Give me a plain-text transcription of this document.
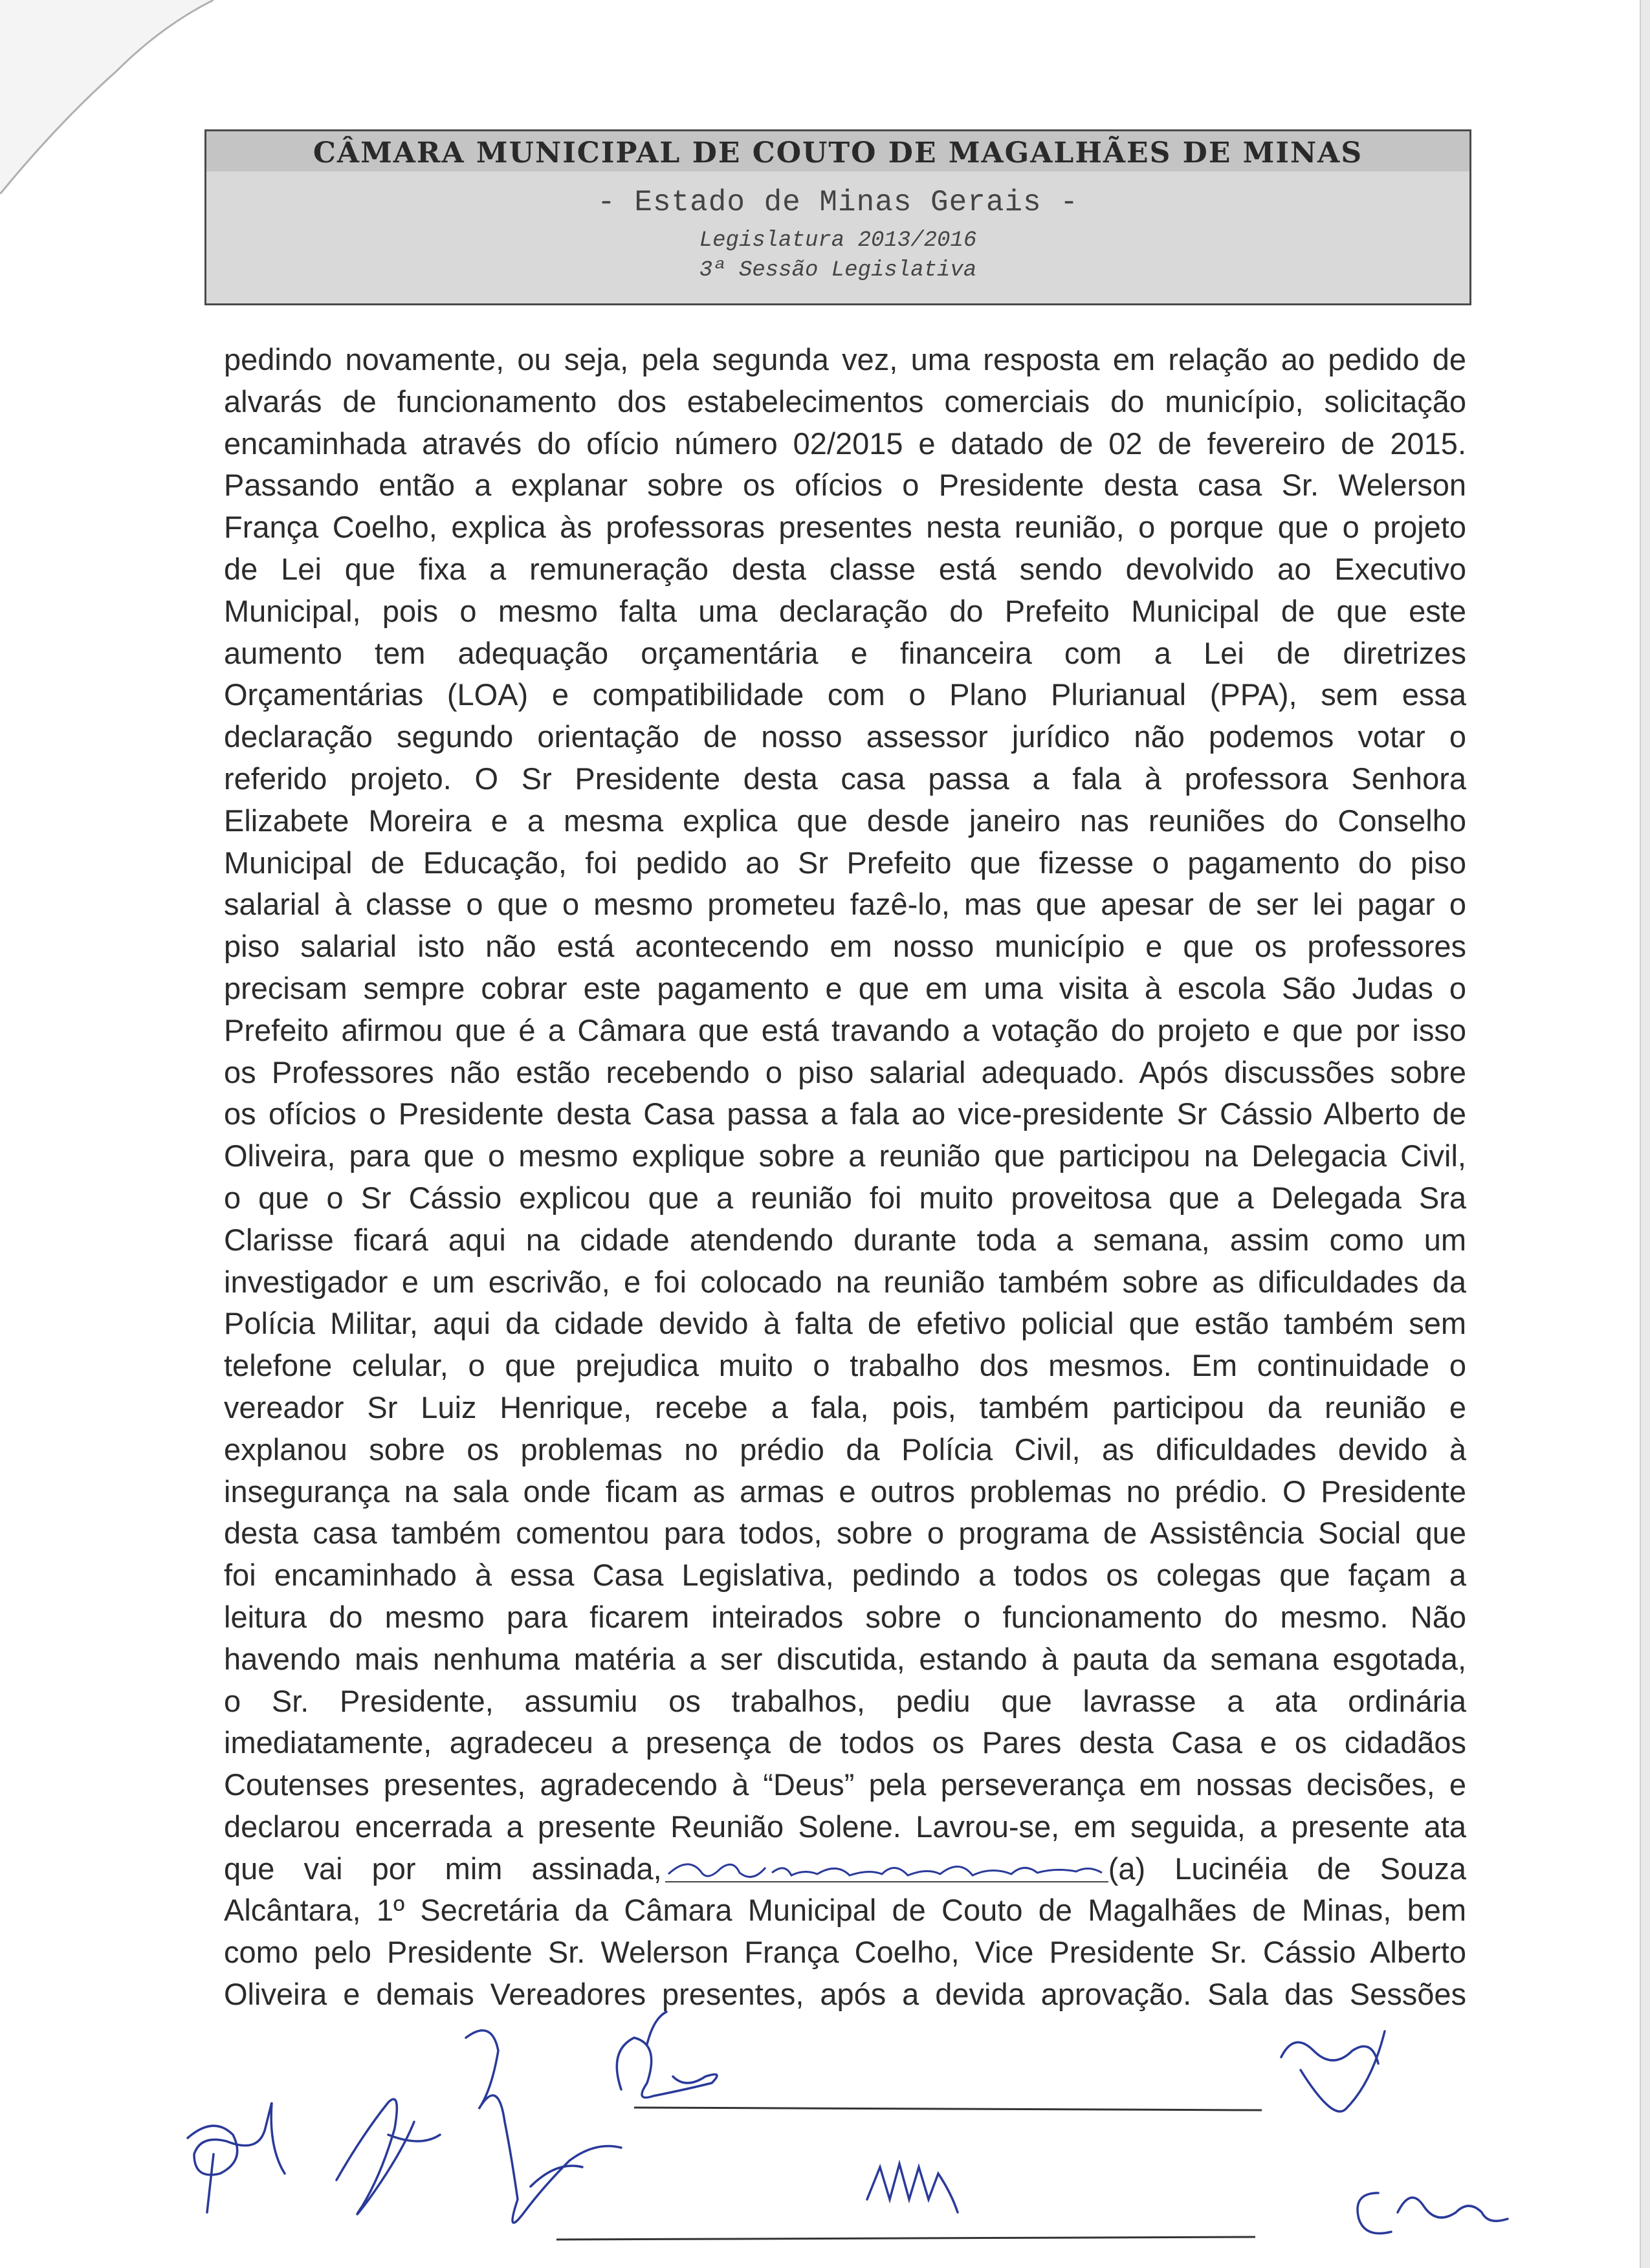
CÂMARA MUNICIPAL DE COUTO DE MAGALHÃES DE MINAS
- Estado de Minas Gerais -
Legislatura 2013/2016
3ª Sessão Legislativa
pedindo novamente, ou seja, pela segunda vez, uma resposta em relação ao pedido de
alvarás de funcionamento dos estabelecimentos comerciais do município, solicitação
encaminhada através do ofício número 02/2015 e datado de 02 de fevereiro de 2015.
Passando então a explanar sobre os ofícios o Presidente desta casa Sr. Welerson
França Coelho, explica às professoras presentes nesta reunião, o porque que o projeto
de Lei que fixa a remuneração desta classe está sendo devolvido ao Executivo
Municipal, pois o mesmo falta uma declaração do Prefeito Municipal de que este
aumento tem adequação orçamentária e financeira com a Lei de diretrizes
Orçamentárias (LOA) e compatibilidade com o Plano Plurianual (PPA), sem essa
declaração segundo orientação de nosso assessor jurídico não podemos votar o
referido projeto. O Sr Presidente desta casa passa a fala à professora Senhora
Elizabete Moreira e a mesma explica que desde janeiro nas reuniões do Conselho
Municipal de Educação, foi pedido ao Sr Prefeito que fizesse o pagamento do piso
salarial à classe o que o mesmo prometeu fazê-lo, mas que apesar de ser lei pagar o
piso salarial isto não está acontecendo em nosso município e que os professores
precisam sempre cobrar este pagamento e que em uma visita à escola São Judas o
Prefeito afirmou que é a Câmara que está travando a votação do projeto e que por isso
os Professores não estão recebendo o piso salarial adequado. Após discussões sobre
os ofícios o Presidente desta Casa passa a fala ao vice-presidente Sr Cássio Alberto de
Oliveira, para que o mesmo explique sobre a reunião que participou na Delegacia Civil,
o que o Sr Cássio explicou que a reunião foi muito proveitosa que a Delegada Sra
Clarisse ficará aqui na cidade atendendo durante toda a semana, assim como um
investigador e um escrivão, e foi colocado na reunião também sobre as dificuldades da
Polícia Militar, aqui da cidade devido à falta de efetivo policial que estão também sem
telefone celular, o que prejudica muito o trabalho dos mesmos. Em continuidade o
vereador Sr Luiz Henrique, recebe a fala, pois, também participou da reunião e
explanou sobre os problemas no prédio da Polícia Civil, as dificuldades devido à
insegurança na sala onde ficam as armas e outros problemas no prédio. O Presidente
desta casa também comentou para todos, sobre o programa de Assistência Social que
foi encaminhado à essa Casa Legislativa, pedindo a todos os colegas que façam a
leitura do mesmo para ficarem inteirados sobre o funcionamento do mesmo. Não
havendo mais nenhuma matéria a ser discutida, estando à pauta da semana esgotada,
o Sr. Presidente, assumiu os trabalhos, pediu que lavrasse a ata ordinária
imediatamente, agradeceu a presença de todos os Pares desta Casa e os cidadãos
Coutenses presentes, agradecendo à “Deus” pela perseverança em nossas decisões, e
declarou encerrada a presente Reunião Solene. Lavrou-se, em seguida, a presente ata
que vai por mim assinada,	(a) Lucinéia de Souza
Alcântara, 1º Secretária da Câmara Municipal de Couto de Magalhães de Minas, bem
como pelo Presidente Sr. Welerson França Coelho, Vice Presidente Sr. Cássio Alberto
Oliveira e demais Vereadores presentes, após a devida aprovação. Sala das Sessões
